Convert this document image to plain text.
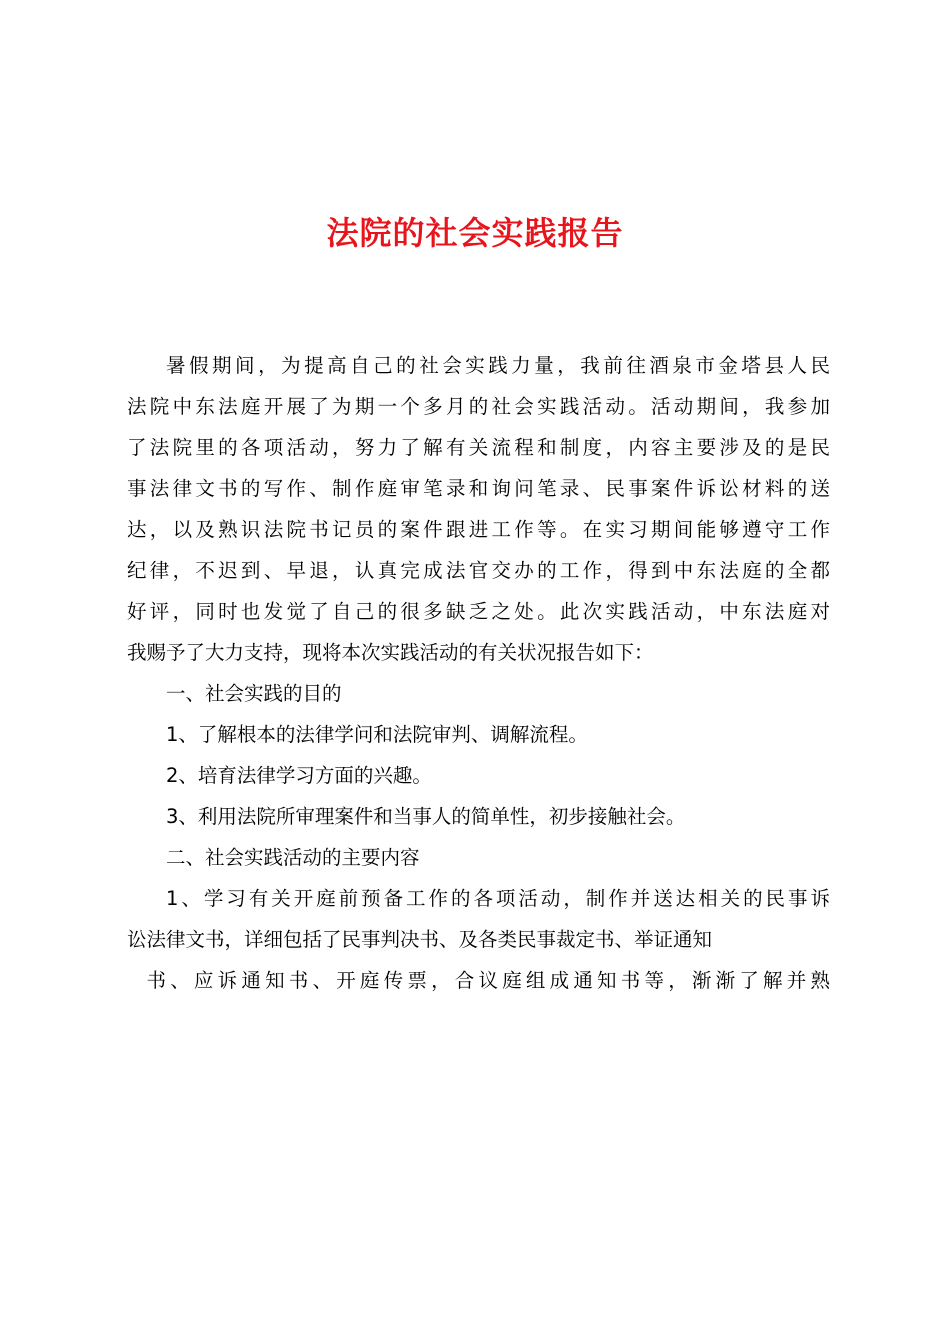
法院的社会实践报告
暑假期间，为提高自己的社会实践力量，我前往酒泉市金塔县人民
法院中东法庭开展了为期一个多月的社会实践活动。活动期间，我参加
了法院里的各项活动，努力了解有关流程和制度，内容主要涉及的是民
事法律文书的写作、制作庭审笔录和询问笔录、民事案件诉讼材料的送
达，以及熟识法院书记员的案件跟进工作等。在实习期间能够遵守工作
纪律，不迟到、早退，认真完成法官交办的工作，得到中东法庭的全都
好评，同时也发觉了自己的很多缺乏之处。此次实践活动，中东法庭对
我赐予了大力支持，现将本次实践活动的有关状况报告如下：
一、社会实践的目的
1、了解根本的法律学问和法院审判、调解流程。
2、培育法律学习方面的兴趣。
3、利用法院所审理案件和当事人的简单性，初步接触社会。
二、社会实践活动的主要内容
1、学习有关开庭前预备工作的各项活动，制作并送达相关的民事诉
讼法律文书，详细包括了民事判决书、及各类民事裁定书、举证通知
书、应诉通知书、开庭传票，合议庭组成通知书等，渐渐了解并熟
